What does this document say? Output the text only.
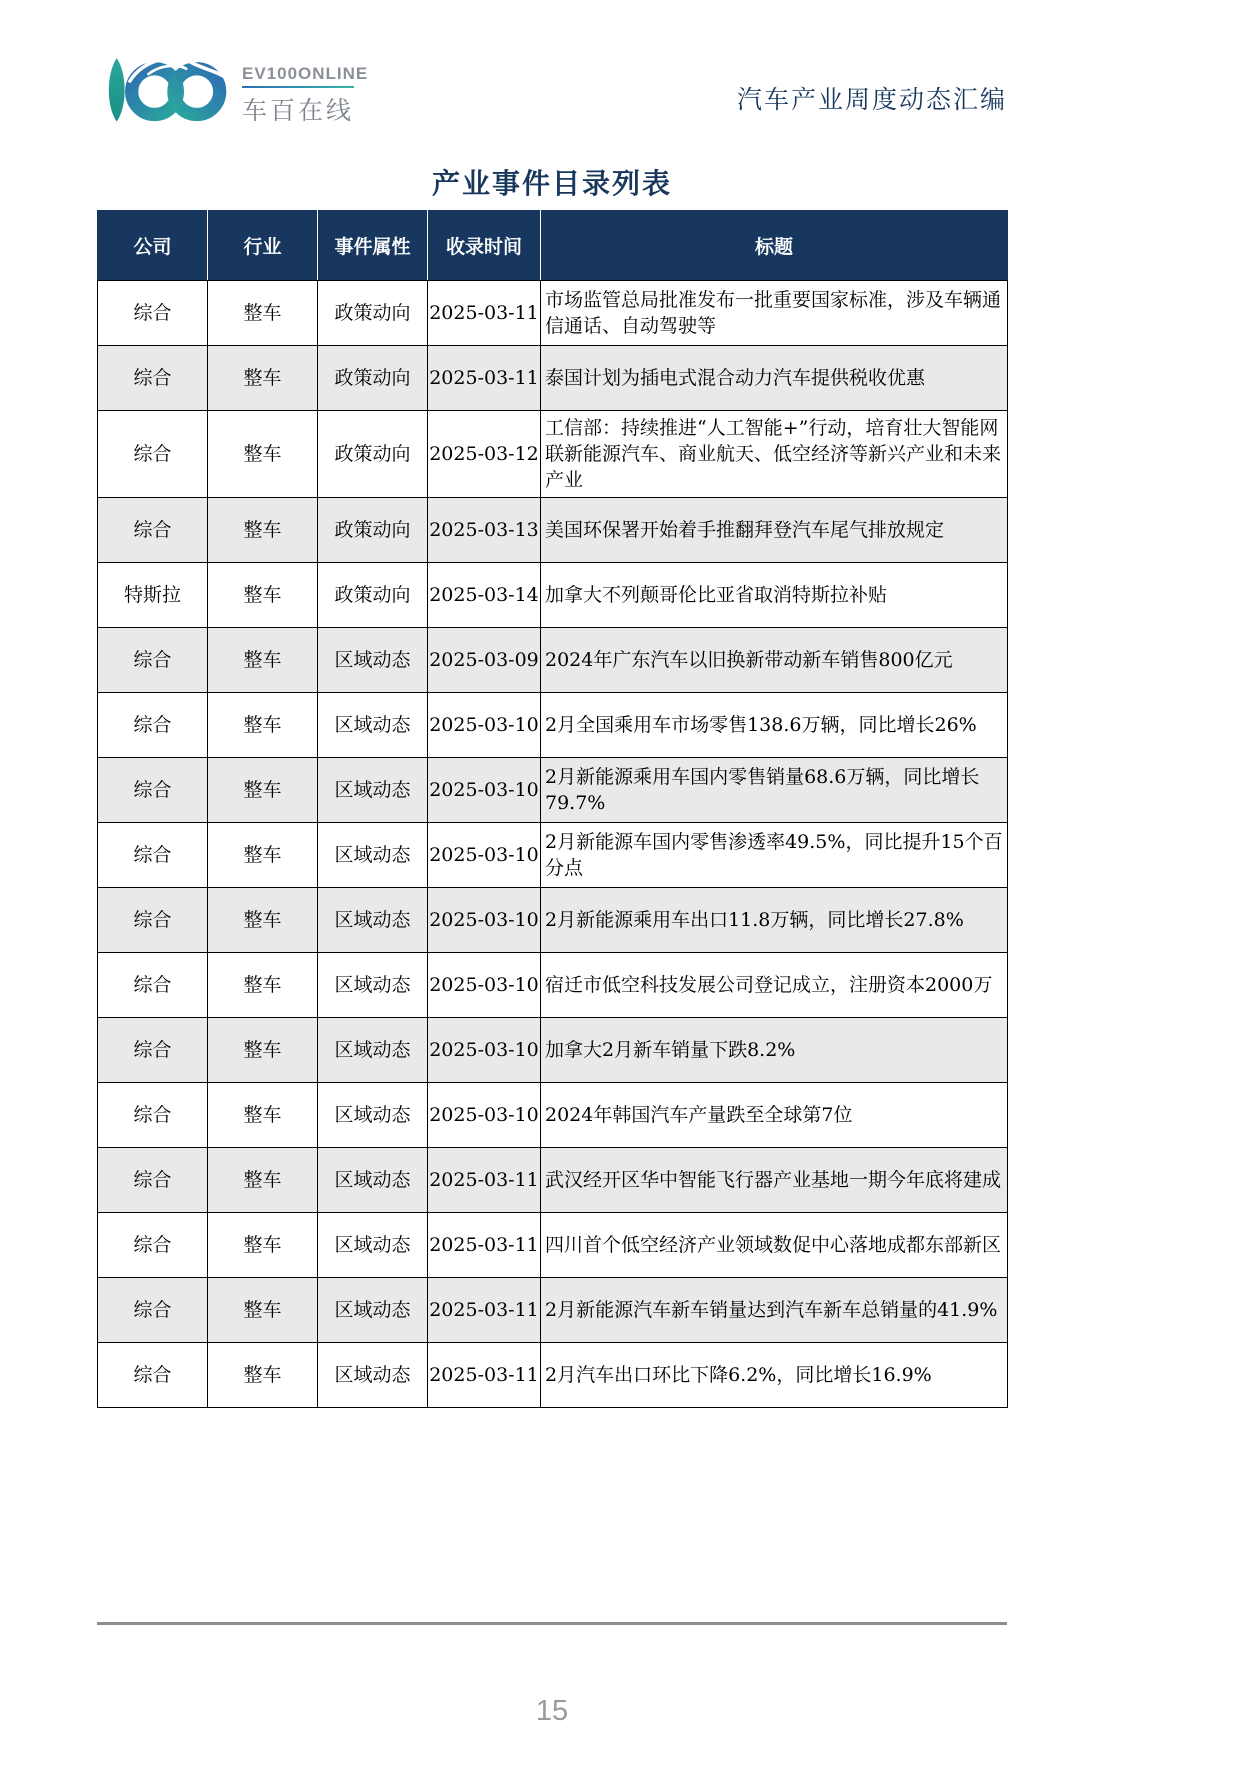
EV100ONLINE
车百在线	汽车产业周度动态汇编
产业事件目录列表
公司	行业	事件属性	收录时间	标题
综合	整车	政策动向	2025-03-11	市场监管总局批准发布一批重要国家标准，涉及车辆通信通话、自动驾驶等
综合	整车	政策动向	2025-03-11	泰国计划为插电式混合动力汽车提供税收优惠
综合	整车	政策动向	2025-03-12	工信部：持续推进“人工智能+”行动，培育壮大智能网联新能源汽车、商业航天、低空经济等新兴产业和未来产业
综合	整车	政策动向	2025-03-13	美国环保署开始着手推翻拜登汽车尾气排放规定
特斯拉	整车	政策动向	2025-03-14	加拿大不列颠哥伦比亚省取消特斯拉补贴
综合	整车	区域动态	2025-03-09	2024年广东汽车以旧换新带动新车销售800亿元
综合	整车	区域动态	2025-03-10	2月全国乘用车市场零售138.6万辆，同比增长26%
综合	整车	区域动态	2025-03-10	2月新能源乘用车国内零售销量68.6万辆，同比增长79.7%
综合	整车	区域动态	2025-03-10	2月新能源车国内零售渗透率49.5%，同比提升15个百分点
综合	整车	区域动态	2025-03-10	2月新能源乘用车出口11.8万辆，同比增长27.8%
综合	整车	区域动态	2025-03-10	宿迁市低空科技发展公司登记成立，注册资本2000万
综合	整车	区域动态	2025-03-10	加拿大2月新车销量下跌8.2%
综合	整车	区域动态	2025-03-10	2024年韩国汽车产量跌至全球第7位
综合	整车	区域动态	2025-03-11	武汉经开区华中智能飞行器产业基地一期今年底将建成
综合	整车	区域动态	2025-03-11	四川首个低空经济产业领域数促中心落地成都东部新区
综合	整车	区域动态	2025-03-11	2月新能源汽车新车销量达到汽车新车总销量的41.9%
综合	整车	区域动态	2025-03-11	2月汽车出口环比下降6.2%，同比增长16.9%
15
